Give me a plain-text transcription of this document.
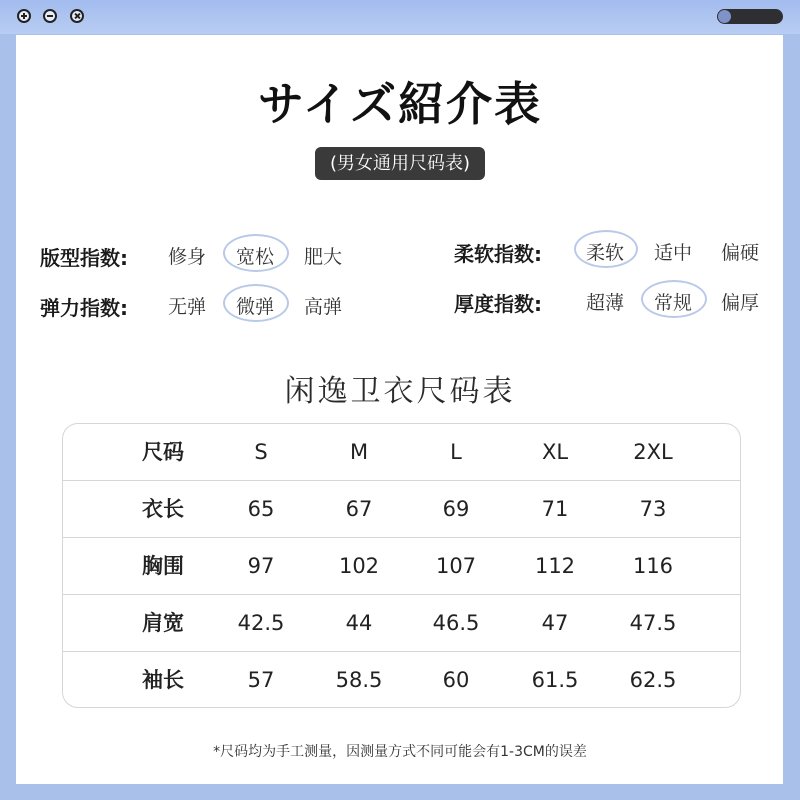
サイズ紹介表
(男女通用尺码表)
版型指数: 修身 宽松 肥大	柔软指数: 柔软 适中 偏硬
弹力指数: 无弹 微弹 高弹	厚度指数: 超薄 常规 偏厚
闲逸卫衣尺码表
尺码	S	M	L	XL	2XL
衣长	65	67	69	71	73
胸围	97	102	107	112	116
肩宽	42.5	44	46.5	47	47.5
袖长	57	58.5	60	61.5	62.5
*尺码均为手工测量，因测量方式不同可能会有1-3CM的误差
